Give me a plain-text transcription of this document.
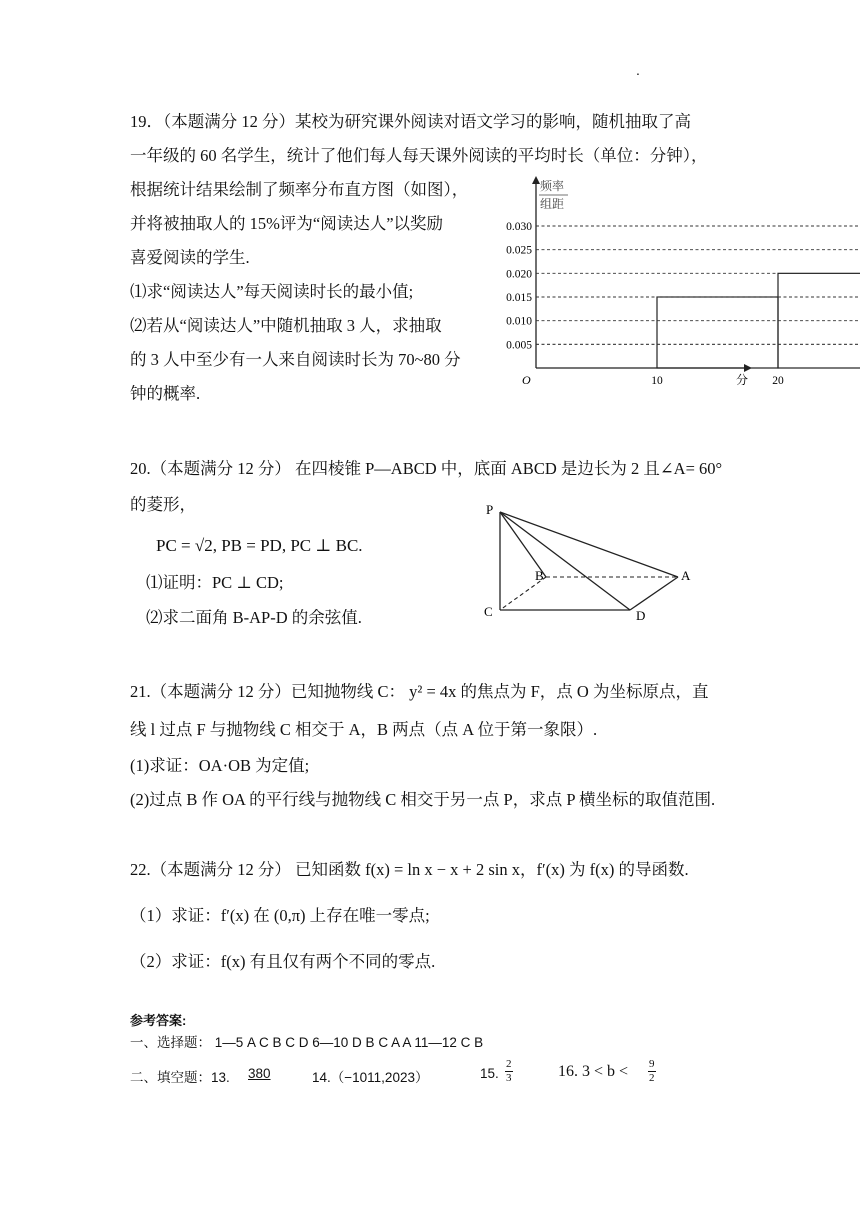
.
19．（本题满分 12 分）某校为研究课外阅读对语文学习的影响，随机抽取了高
一年级的 60 名学生，统计了他们每人每天课外阅读的平均时长（单位：分钟），
根据统计结果绘制了频率分布直方图（如图），
并将被抽取人的 15%评为“阅读达人”以奖励
喜爱阅读的学生.
⑴求“阅读达人”每天阅读时长的最小值;
⑵若从“阅读达人”中随机抽取 3 人，求抽取
的 3 人中至少有一人来自阅读时长为 70~80 分
钟的概率.
频率
组距
0.005
0.010
0.015
0.020
0.025
0.030
O	10	20
分
20.（本题满分 12 分） 在四棱锥 P—ABCD 中，底面 ABCD 是边长为 2 且∠A= 60°
的菱形，
PC = √2, PB = PD, PC ⊥ BC.
⑴证明：PC ⊥ CD;
⑵求二面角 B-AP-D 的余弦值.
P
B	A
C	D
21.（本题满分 12 分）已知抛物线 C： y² = 4x 的焦点为 F，点 O 为坐标原点，直
线 l 过点 F 与抛物线 C 相交于 A，B 两点（点 A 位于第一象限）.
(1)求证：OA·OB 为定值;
(2)过点 B 作 OA 的平行线与抛物线 C 相交于另一点 P，求点 P 横坐标的取值范围.
22.（本题满分 12 分） 已知函数 f(x) = ln x − x + 2 sin x，f′(x) 为 f(x) 的导函数.
（1）求证：f′(x) 在 (0,π) 上存在唯一零点;
（2）求证：f(x) 有且仅有两个不同的零点.
参考答案:
一、选择题： 1—5 A C B C D 6—10 D B C A A 11—12 C B
二、填空题：13. 380	14.（−1011,2023）	15. $\frac{2}{3}$	16. $3 < b < \frac{9}{2}$
